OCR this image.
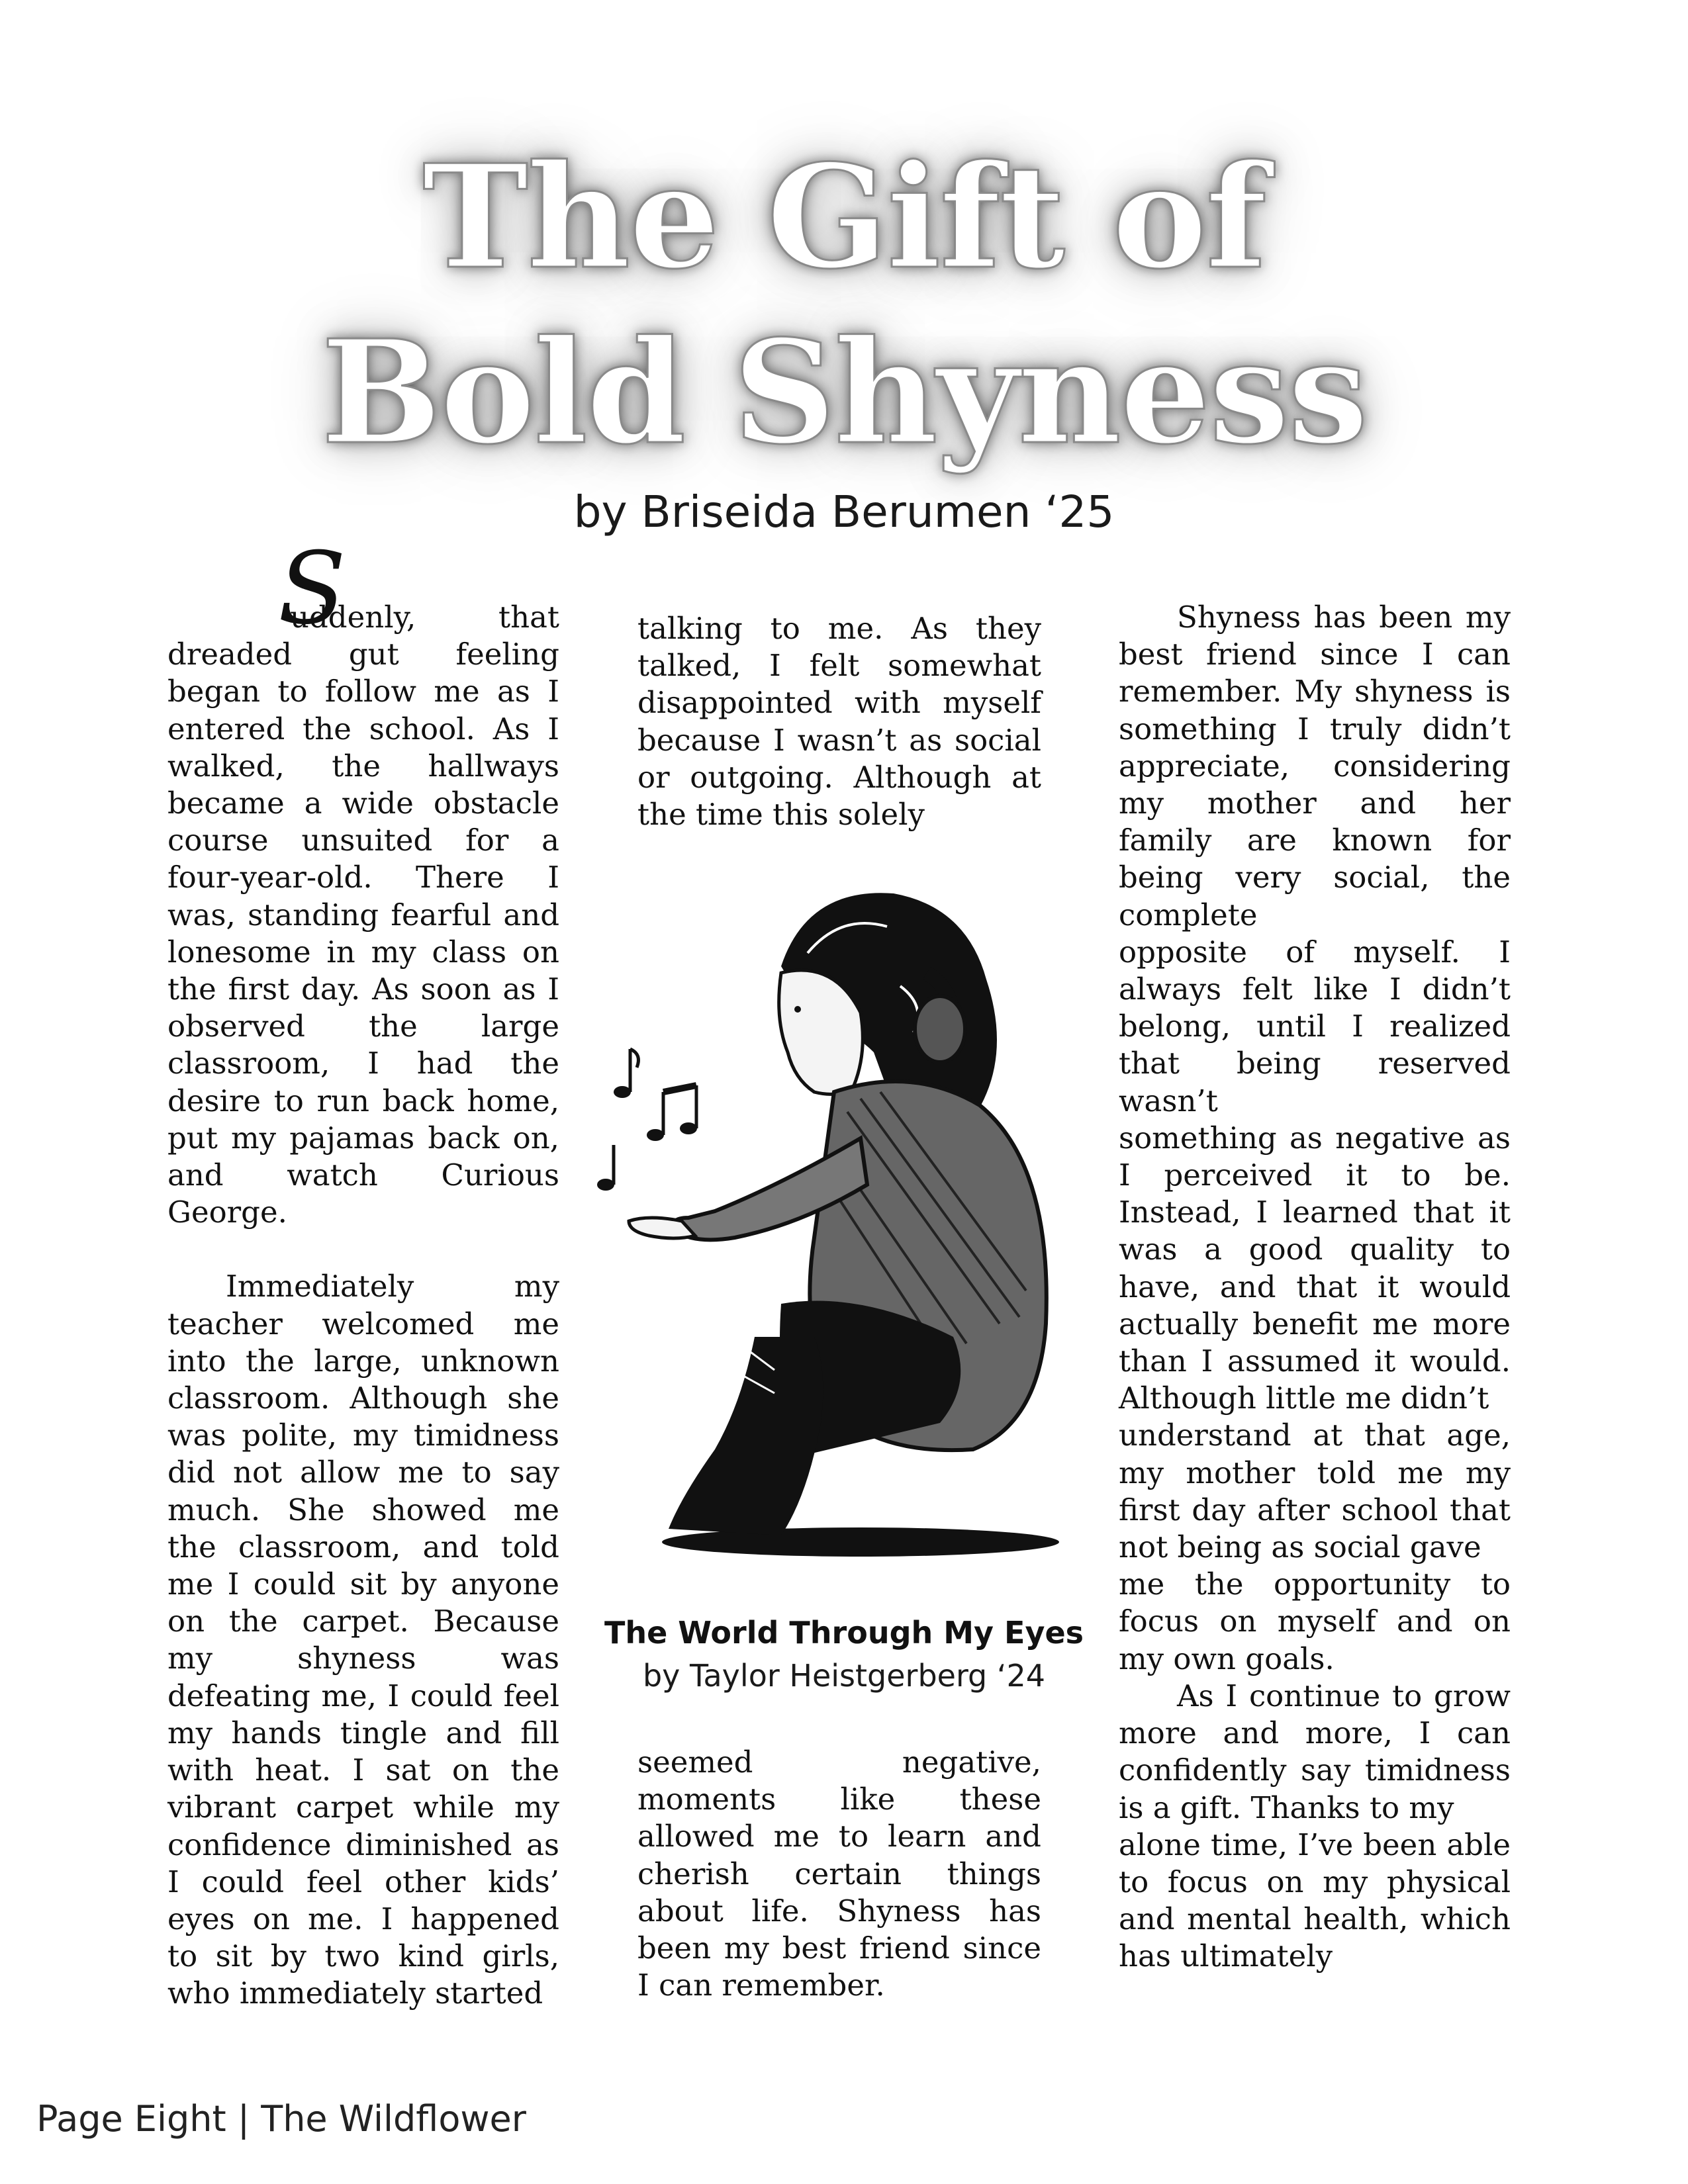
The Gift of
Bold Shyness
by Briseida Berumen ‘25
S

uddenly, that dreaded gut feeling began to follow me as I entered the school. As I walked, the hallways became a wide obstacle course unsuited for a four-year-old. There I was, standing fearful and lonesome in my class on the first day. As soon as I observed the large classroom, I had the desire to run back home, put my pajamas back on, and watch Curious George.

Immediately my teacher welcomed me into the large, unknown classroom. Although she was polite, my timidness did not allow me to say much. She showed me the classroom, and told me I could sit by anyone on the carpet. Because my shyness was defeating me, I could feel my hands tingle and fill with heat. I sat on the vibrant carpet while my confidence diminished as I could feel other kids’ eyes on me. I happened to sit by two kind girls, who immediately started

talking to me. As they talked, I felt somewhat disappointed with myself because I wasn’t as social or outgoing. Although at the time this solely

The World Through My Eyes
by Taylor Heistgerberg ‘24

seemed negative, moments like these allowed me to learn and cherish certain things about life. Shyness has been my best friend since I can remember.

Shyness has been my best friend since I can remember. My shyness is something I truly didn’t appreciate, considering my mother and her family are known for being very social, the complete

opposite of myself. I always felt like I didn’t belong, until I realized that being reserved wasn’t

something as negative as I perceived it to be. Instead, I learned that it was a good quality to have, and that it would actually benefit me more than I assumed it would. Although little me didn’t

understand at that age, my mother told me my first day after school that not being as social gave

me the opportunity to focus on myself and on my own goals.

As I continue to grow more and more, I can confidently say timidness is a gift. Thanks to my

alone time, I’ve been able to focus on my physical and mental health, which has ultimately

Page Eight | The Wildflower
